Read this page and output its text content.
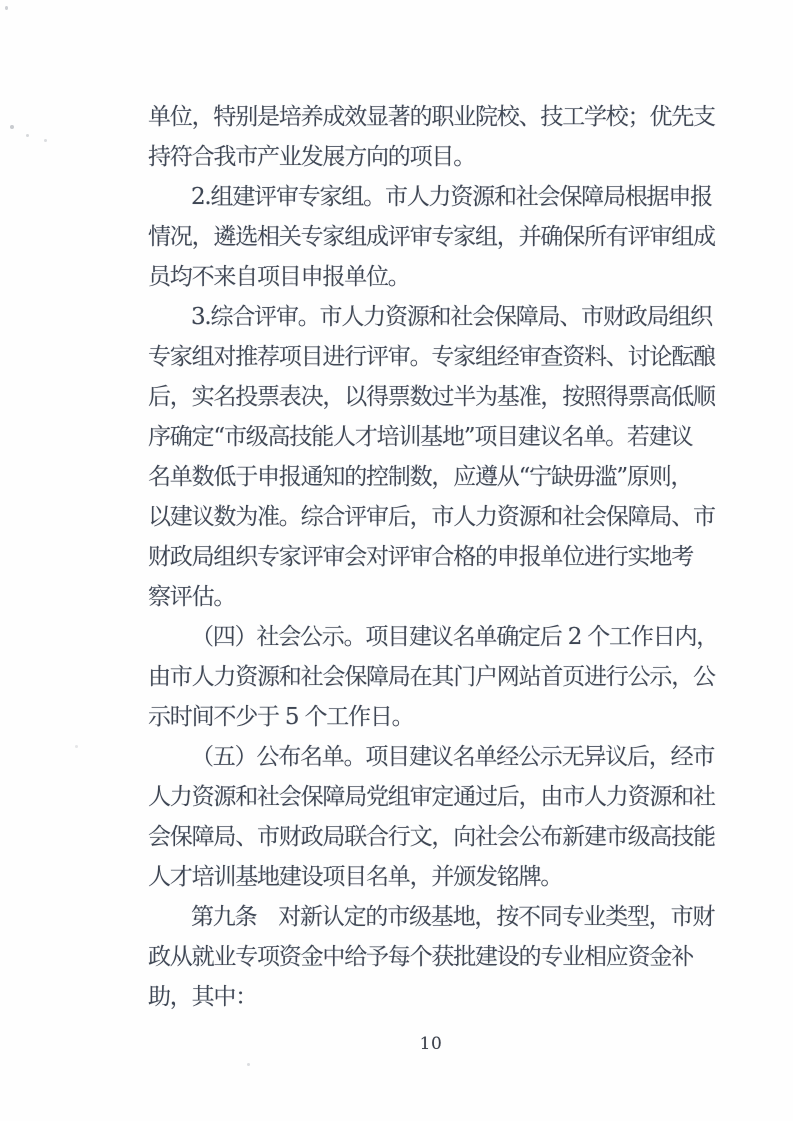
单位，特别是培养成效显著的职业院校、技工学校；优先支
持符合我市产业发展方向的项目。
2.组建评审专家组。市人力资源和社会保障局根据申报
情况，遴选相关专家组成评审专家组，并确保所有评审组成
员均不来自项目申报单位。
3.综合评审。市人力资源和社会保障局、市财政局组织
专家组对推荐项目进行评审。专家组经审查资料、讨论酝酿
后，实名投票表决，以得票数过半为基准，按照得票高低顺
序确定“市级高技能人才培训基地”项目建议名单。若建议
名单数低于申报通知的控制数，应遵从“宁缺毋滥”原则，
以建议数为准。综合评审后，市人力资源和社会保障局、市
财政局组织专家评审会对评审合格的申报单位进行实地考
察评估。
（四）社会公示。项目建议名单确定后 2 个工作日内，
由市人力资源和社会保障局在其门户网站首页进行公示，公
示时间不少于 5 个工作日。
（五）公布名单。项目建议名单经公示无异议后，经市
人力资源和社会保障局党组审定通过后，由市人力资源和社
会保障局、市财政局联合行文，向社会公布新建市级高技能
人才培训基地建设项目名单，并颁发铭牌。
第九条　对新认定的市级基地，按不同专业类型，市财
政从就业专项资金中给予每个获批建设的专业相应资金补
助，其中：
10
